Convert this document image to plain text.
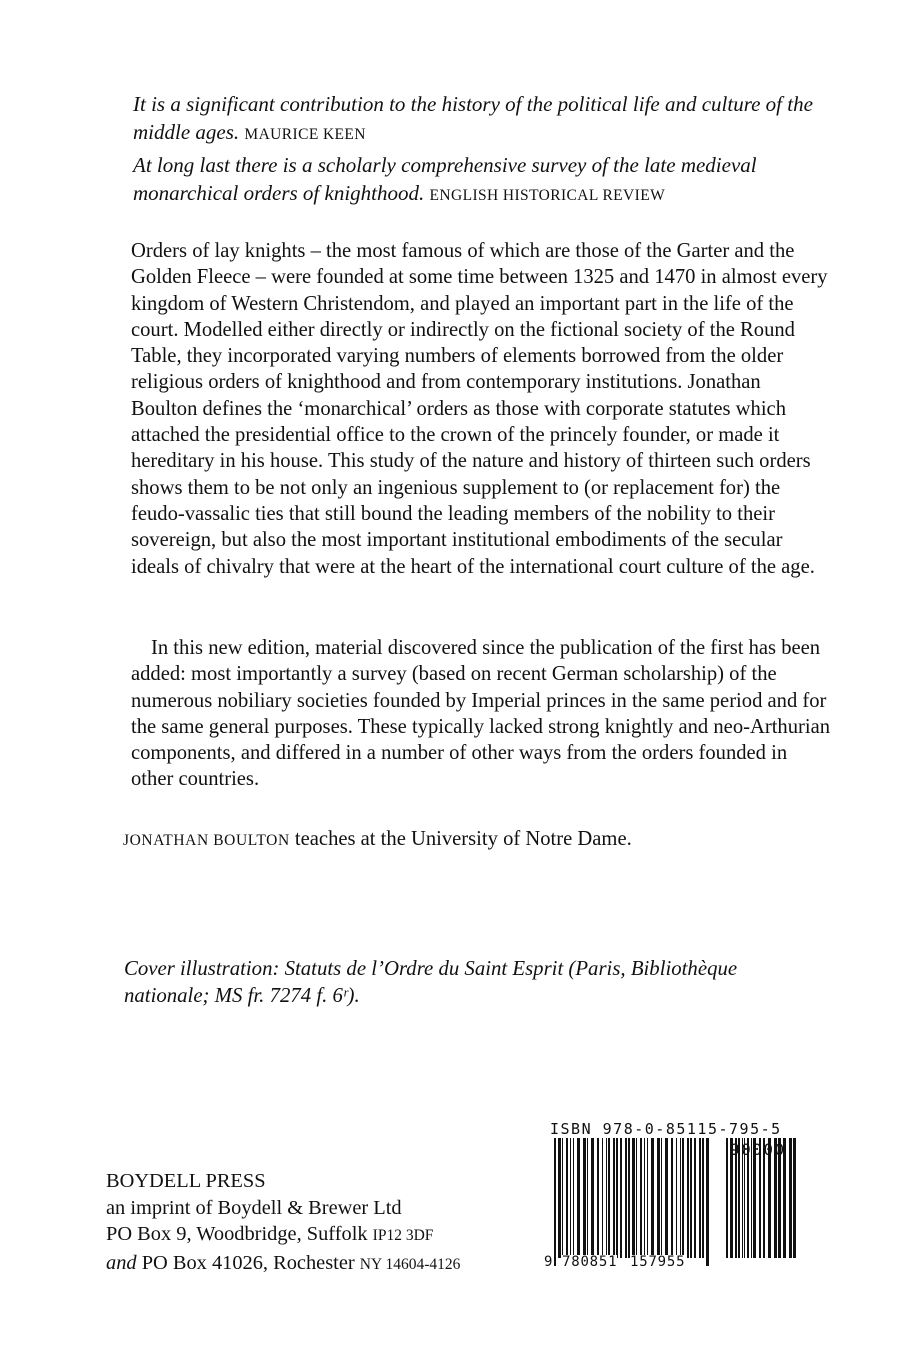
It is a significant contribution to the history of the political life and culture of the middle ages. MAURICE KEEN
At long last there is a scholarly comprehensive survey of the late medieval monarchical orders of knighthood. ENGLISH HISTORICAL REVIEW
Orders of lay knights – the most famous of which are those of the Garter and the Golden Fleece – were founded at some time between 1325 and 1470 in almost every kingdom of Western Christendom, and played an important part in the life of the court. Modelled either directly or indirectly on the fictional society of the Round Table, they incorporated varying numbers of elements borrowed from the older religious orders of knighthood and from contemporary institutions. Jonathan Boulton defines the ‘monarchical’ orders as those with corporate statutes which attached the presidential office to the crown of the princely founder, or made it hereditary in his house. This study of the nature and history of thirteen such orders shows them to be not only an ingenious supplement to (or replacement for) the feudo-vassalic ties that still bound the leading members of the nobility to their sovereign, but also the most important institutional embodiments of the secular ideals of chivalry that were at the heart of the international court culture of the age.
In this new edition, material discovered since the publication of the first has been added: most importantly a survey (based on recent German scholarship) of the numerous nobiliary societies founded by Imperial princes in the same period and for the same general purposes. These typically lacked strong knightly and neo-Arthurian components, and differed in a number of other ways from the orders founded in other countries.
JONATHAN BOULTON teaches at the University of Notre Dame.
Cover illustration: Statuts de l’Ordre du Saint Esprit (Paris, Bibliothèque nationale; MS fr. 7274 f. 6ʳ).
BOYDELL PRESS
an imprint of Boydell & Brewer Ltd
PO Box 9, Woodbridge, Suffolk IP12 3DF
and PO Box 41026, Rochester NY 14604-4126
ISBN 978-0-85115-795-5
90000
9 780851 157955
